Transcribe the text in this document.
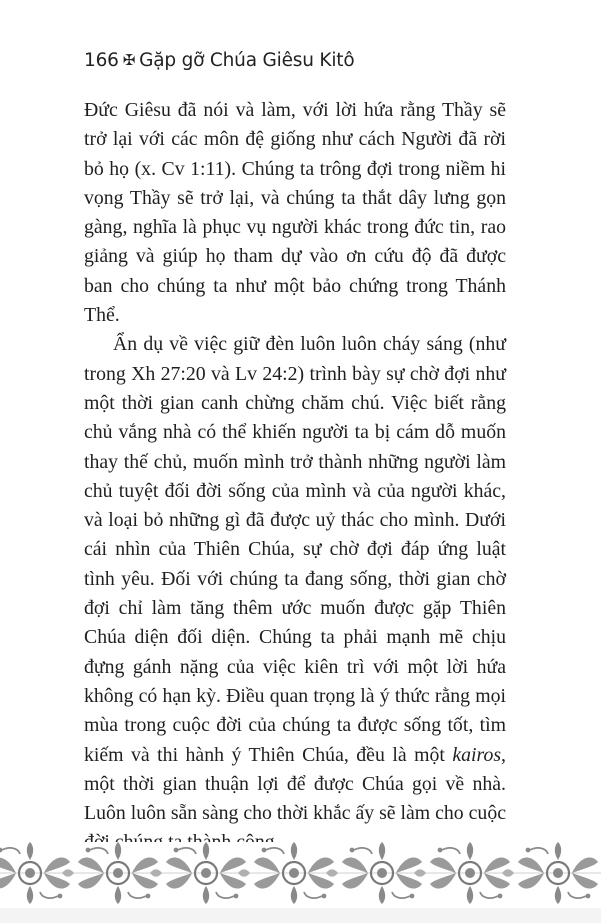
166 ✠ Gặp gỡ Chúa Giêsu Kitô

Đức Giêsu đã nói và làm, với lời hứa rằng Thầy sẽ trở lại với các môn đệ giống như cách Người đã rời bỏ họ (x. Cv 1:11). Chúng ta trông đợi trong niềm hi vọng Thầy sẽ trở lại, và chúng ta thắt dây lưng gọn gàng, nghĩa là phục vụ người khác trong đức tin, rao giảng và giúp họ tham dự vào ơn cứu độ đã được ban cho chúng ta như một bảo chứng trong Thánh Thể.

Ẩn dụ về việc giữ đèn luôn luôn cháy sáng (như trong Xh 27:20 và Lv 24:2) trình bày sự chờ đợi như một thời gian canh chừng chăm chú. Việc biết rằng chủ vắng nhà có thể khiến người ta bị cám dỗ muốn thay thế chủ, muốn mình trở thành những người làm chủ tuyệt đối đời sống của mình và của người khác, và loại bỏ những gì đã được uỷ thác cho mình. Dưới cái nhìn của Thiên Chúa, sự chờ đợi đáp ứng luật tình yêu. Đối với chúng ta đang sống, thời gian chờ đợi chỉ làm tăng thêm ước muốn được gặp Thiên Chúa diện đối diện. Chúng ta phải mạnh mẽ chịu đựng gánh nặng của việc kiên trì với một lời hứa không có hạn kỳ. Điều quan trọng là ý thức rằng mọi mùa trong cuộc đời của chúng ta được sống tốt, tìm kiếm và thi hành ý Thiên Chúa, đều là một kairos, một thời gian thuận lợi để được Chúa gọi về nhà. Luôn luôn sẵn sàng cho thời khắc ấy sẽ làm cho cuộc
